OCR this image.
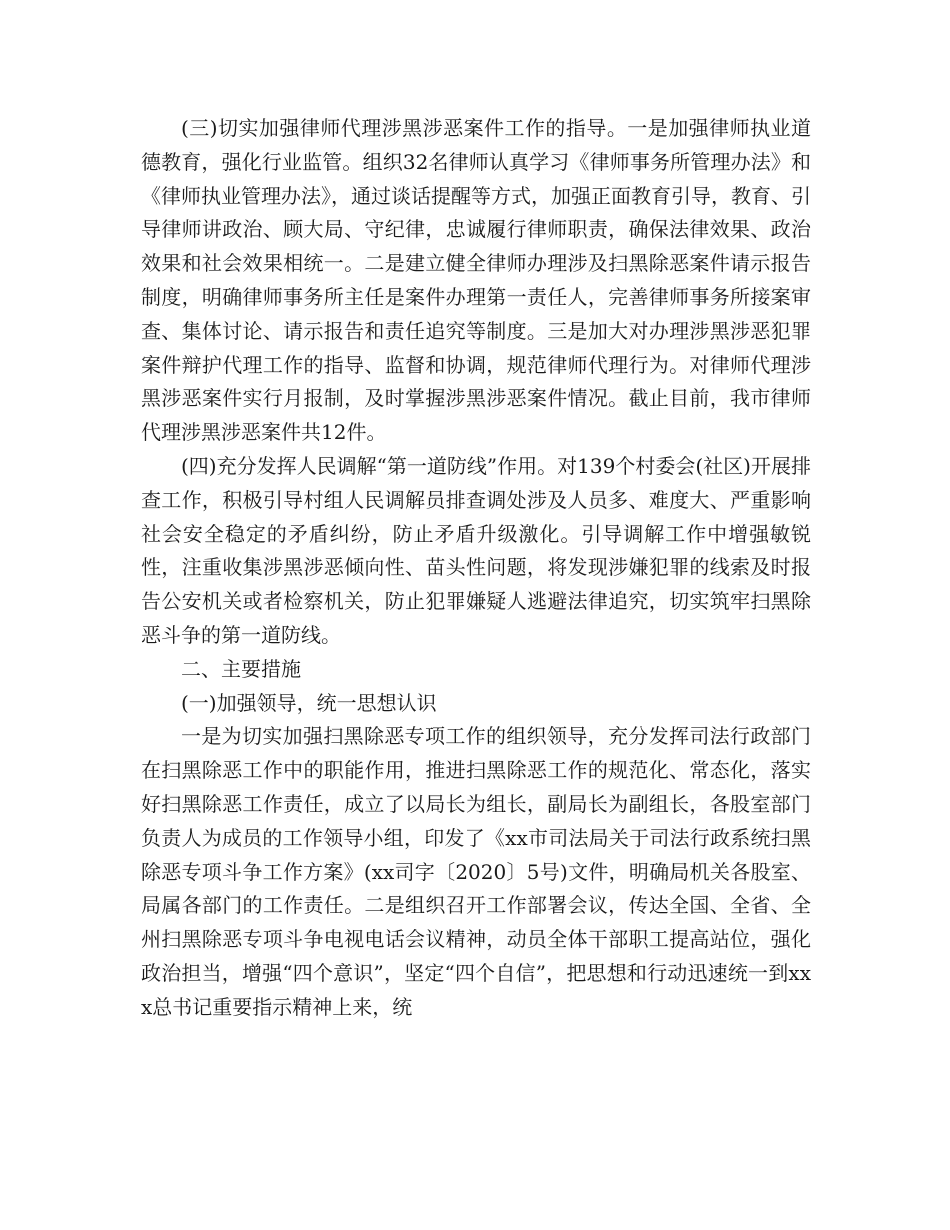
(三)切实加强律师代理涉黑涉恶案件工作的指导。一是加强律师执业道德教育，强化行业监管。组织32名律师认真学习《律师事务所管理办法》和《律师执业管理办法》，通过谈话提醒等方式，加强正面教育引导，教育、引导律师讲政治、顾大局、守纪律，忠诚履行律师职责，确保法律效果、政治效果和社会效果相统一。二是建立健全律师办理涉及扫黑除恶案件请示报告制度，明确律师事务所主任是案件办理第一责任人，完善律师事务所接案审查、集体讨论、请示报告和责任追究等制度。三是加大对办理涉黑涉恶犯罪案件辩护代理工作的指导、监督和协调，规范律师代理行为。对律师代理涉黑涉恶案件实行月报制，及时掌握涉黑涉恶案件情况。截止目前，我市律师代理涉黑涉恶案件共12件。

(四)充分发挥人民调解“第一道防线”作用。对139个村委会(社区)开展排查工作，积极引导村组人民调解员排查调处涉及人员多、难度大、严重影响社会安全稳定的矛盾纠纷，防止矛盾升级激化。引导调解工作中增强敏锐性，注重收集涉黑涉恶倾向性、苗头性问题，将发现涉嫌犯罪的线索及时报告公安机关或者检察机关，防止犯罪嫌疑人逃避法律追究，切实筑牢扫黑除恶斗争的第一道防线。

二、主要措施

(一)加强领导，统一思想认识

一是为切实加强扫黑除恶专项工作的组织领导，充分发挥司法行政部门在扫黑除恶工作中的职能作用，推进扫黑除恶工作的规范化、常态化，落实好扫黑除恶工作责任，成立了以局长为组长，副局长为副组长，各股室部门负责人为成员的工作领导小组，印发了《xx市司法局关于司法行政系统扫黑除恶专项斗争工作方案》(xx司字〔2020〕5号)文件，明确局机关各股室、局属各部门的工作责任。二是组织召开工作部署会议，传达全国、全省、全州扫黑除恶专项斗争电视电话会议精神，动员全体干部职工提高站位，强化政治担当，增强“四个意识”，坚定“四个自信”，把思想和行动迅速统一到xxx总书记重要指示精神上来，统
